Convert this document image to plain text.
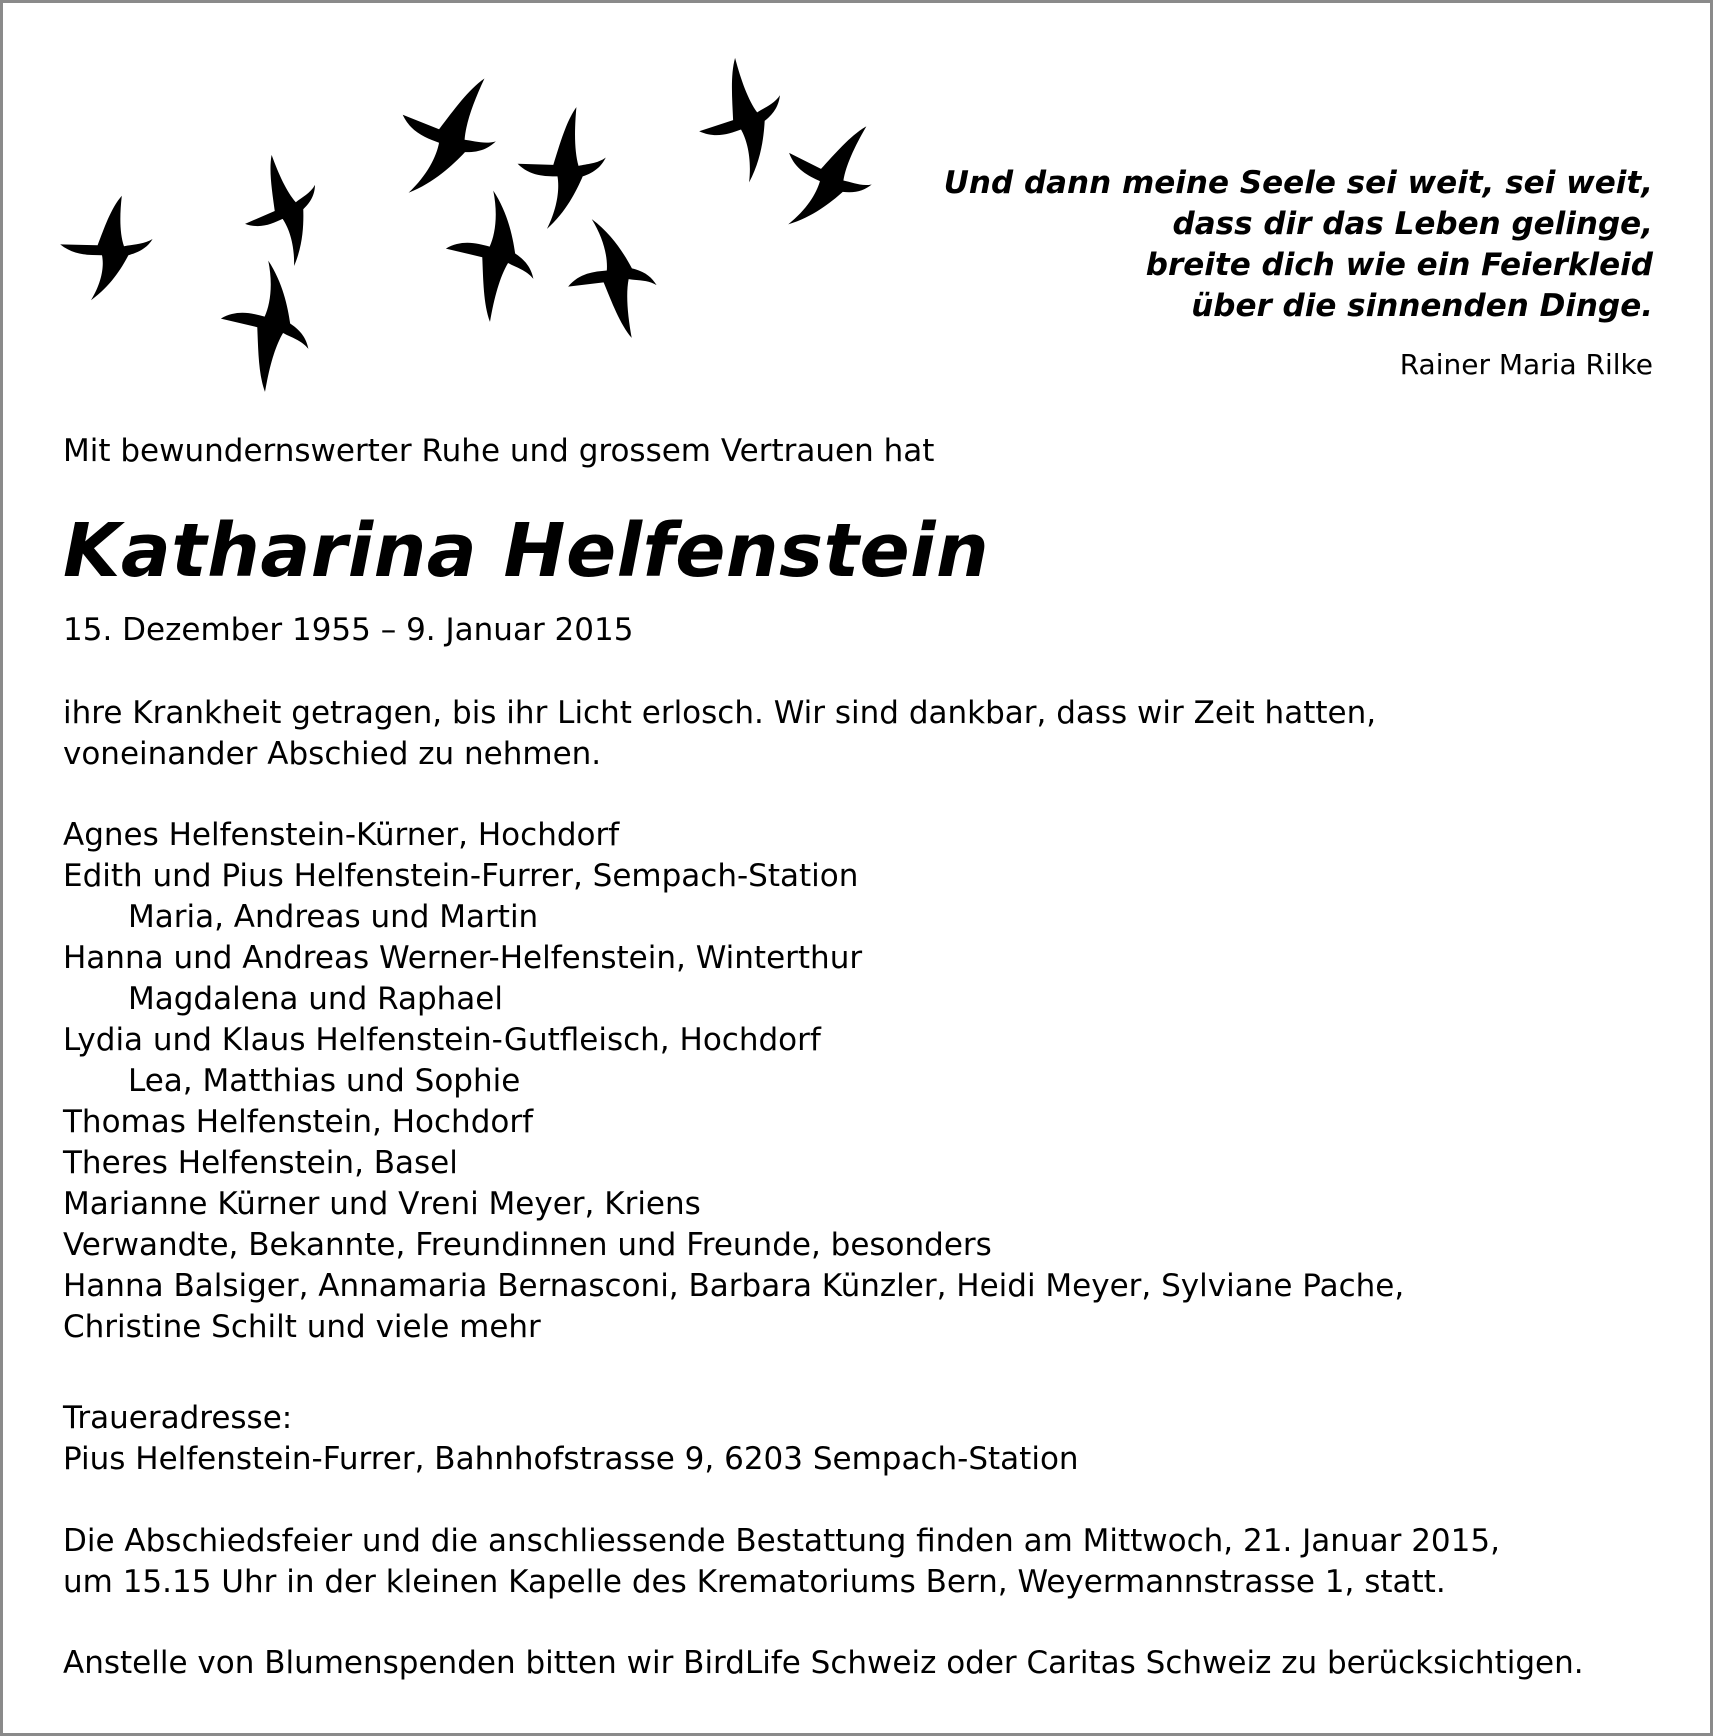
Und dann meine Seele sei weit, sei weit,
dass dir das Leben gelinge,
breite dich wie ein Feierkleid
über die sinnenden Dinge.
Rainer Maria Rilke
Mit bewundernswerter Ruhe und grossem Vertrauen hat
Katharina Helfenstein
15. Dezember 1955 – 9. Januar 2015
ihre Krankheit getragen, bis ihr Licht erlosch. Wir sind dankbar, dass wir Zeit hatten,
voneinander Abschied zu nehmen.
Agnes Helfenstein-Kürner, Hochdorf
Edith und Pius Helfenstein-Furrer, Sempach-Station
Maria, Andreas und Martin
Hanna und Andreas Werner-Helfenstein, Winterthur
Magdalena und Raphael
Lydia und Klaus Helfenstein-Gutfleisch, Hochdorf
Lea, Matthias und Sophie
Thomas Helfenstein, Hochdorf
Theres Helfenstein, Basel
Marianne Kürner und Vreni Meyer, Kriens
Verwandte, Bekannte, Freundinnen und Freunde, besonders
Hanna Balsiger, Annamaria Bernasconi, Barbara Künzler, Heidi Meyer, Sylviane Pache,
Christine Schilt und viele mehr
Traueradresse:
Pius Helfenstein-Furrer, Bahnhofstrasse 9, 6203 Sempach-Station
Die Abschiedsfeier und die anschliessende Bestattung finden am Mittwoch, 21. Januar 2015,
um 15.15 Uhr in der kleinen Kapelle des Krematoriums Bern, Weyermannstrasse 1, statt.
Anstelle von Blumenspenden bitten wir BirdLife Schweiz oder Caritas Schweiz zu berücksichtigen.
